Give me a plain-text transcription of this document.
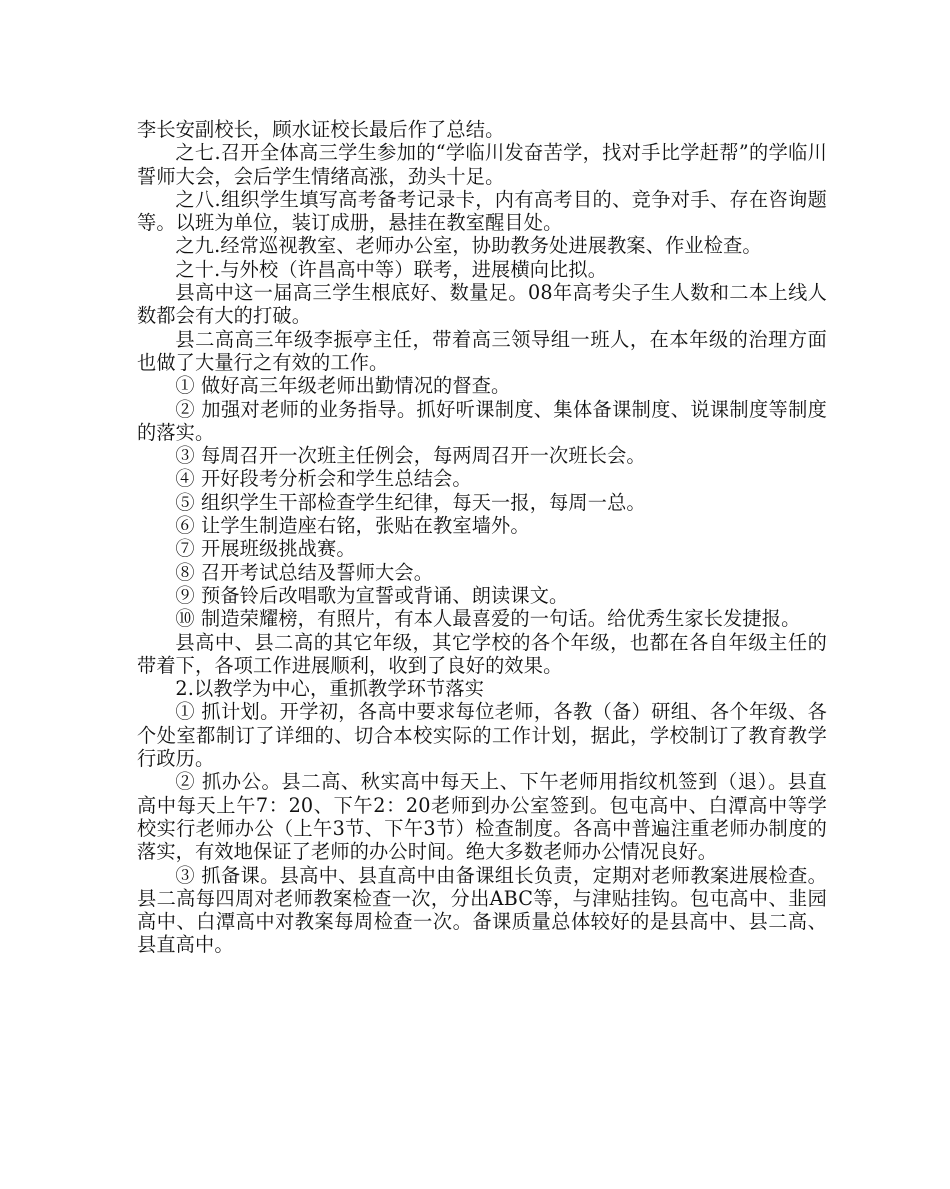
李长安副校长，顾水证校长最后作了总结。

之七.召开全体高三学生参加的“学临川发奋苦学，找对手比学赶帮”的学临川誓师大会，会后学生情绪高涨，劲头十足。

之八.组织学生填写高考备考记录卡，内有高考目的、竞争对手、存在咨询题等。以班为单位，装订成册，悬挂在教室醒目处。

之九.经常巡视教室、老师办公室，协助教务处进展教案、作业检查。

之十.与外校（许昌高中等）联考，进展横向比拟。

县高中这一届高三学生根底好、数量足。08年高考尖子生人数和二本上线人数都会有大的打破。

县二高高三年级李振亭主任，带着高三领导组一班人，在本年级的治理方面也做了大量行之有效的工作。

① 做好高三年级老师出勤情况的督查。

② 加强对老师的业务指导。抓好听课制度、集体备课制度、说课制度等制度的落实。

③ 每周召开一次班主任例会，每两周召开一次班长会。

④ 开好段考分析会和学生总结会。

⑤ 组织学生干部检查学生纪律，每天一报，每周一总。

⑥ 让学生制造座右铭，张贴在教室墙外。

⑦ 开展班级挑战赛。

⑧ 召开考试总结及誓师大会。

⑨ 预备铃后改唱歌为宣誓或背诵、朗读课文。

⑩ 制造荣耀榜，有照片，有本人最喜爱的一句话。给优秀生家长发捷报。

县高中、县二高的其它年级，其它学校的各个年级，也都在各自年级主任的带着下，各项工作进展顺利，收到了良好的效果。

2.以教学为中心，重抓教学环节落实

① 抓计划。开学初，各高中要求每位老师，各教（备）研组、各个年级、各个处室都制订了详细的、切合本校实际的工作计划，据此，学校制订了教育教学行政历。

② 抓办公。县二高、秋实高中每天上、下午老师用指纹机签到（退）。县直高中每天上午7：20、下午2：20老师到办公室签到。包屯高中、白潭高中等学校实行老师办公（上午3节、下午3节）检查制度。各高中普遍注重老师办制度的落实，有效地保证了老师的办公时间。绝大多数老师办公情况良好。

③ 抓备课。县高中、县直高中由备课组长负责，定期对老师教案进展检查。县二高每四周对老师教案检查一次，分出ABC等，与津贴挂钩。包屯高中、韭园高中、白潭高中对教案每周检查一次。备课质量总体较好的是县高中、县二高、县直高中。
